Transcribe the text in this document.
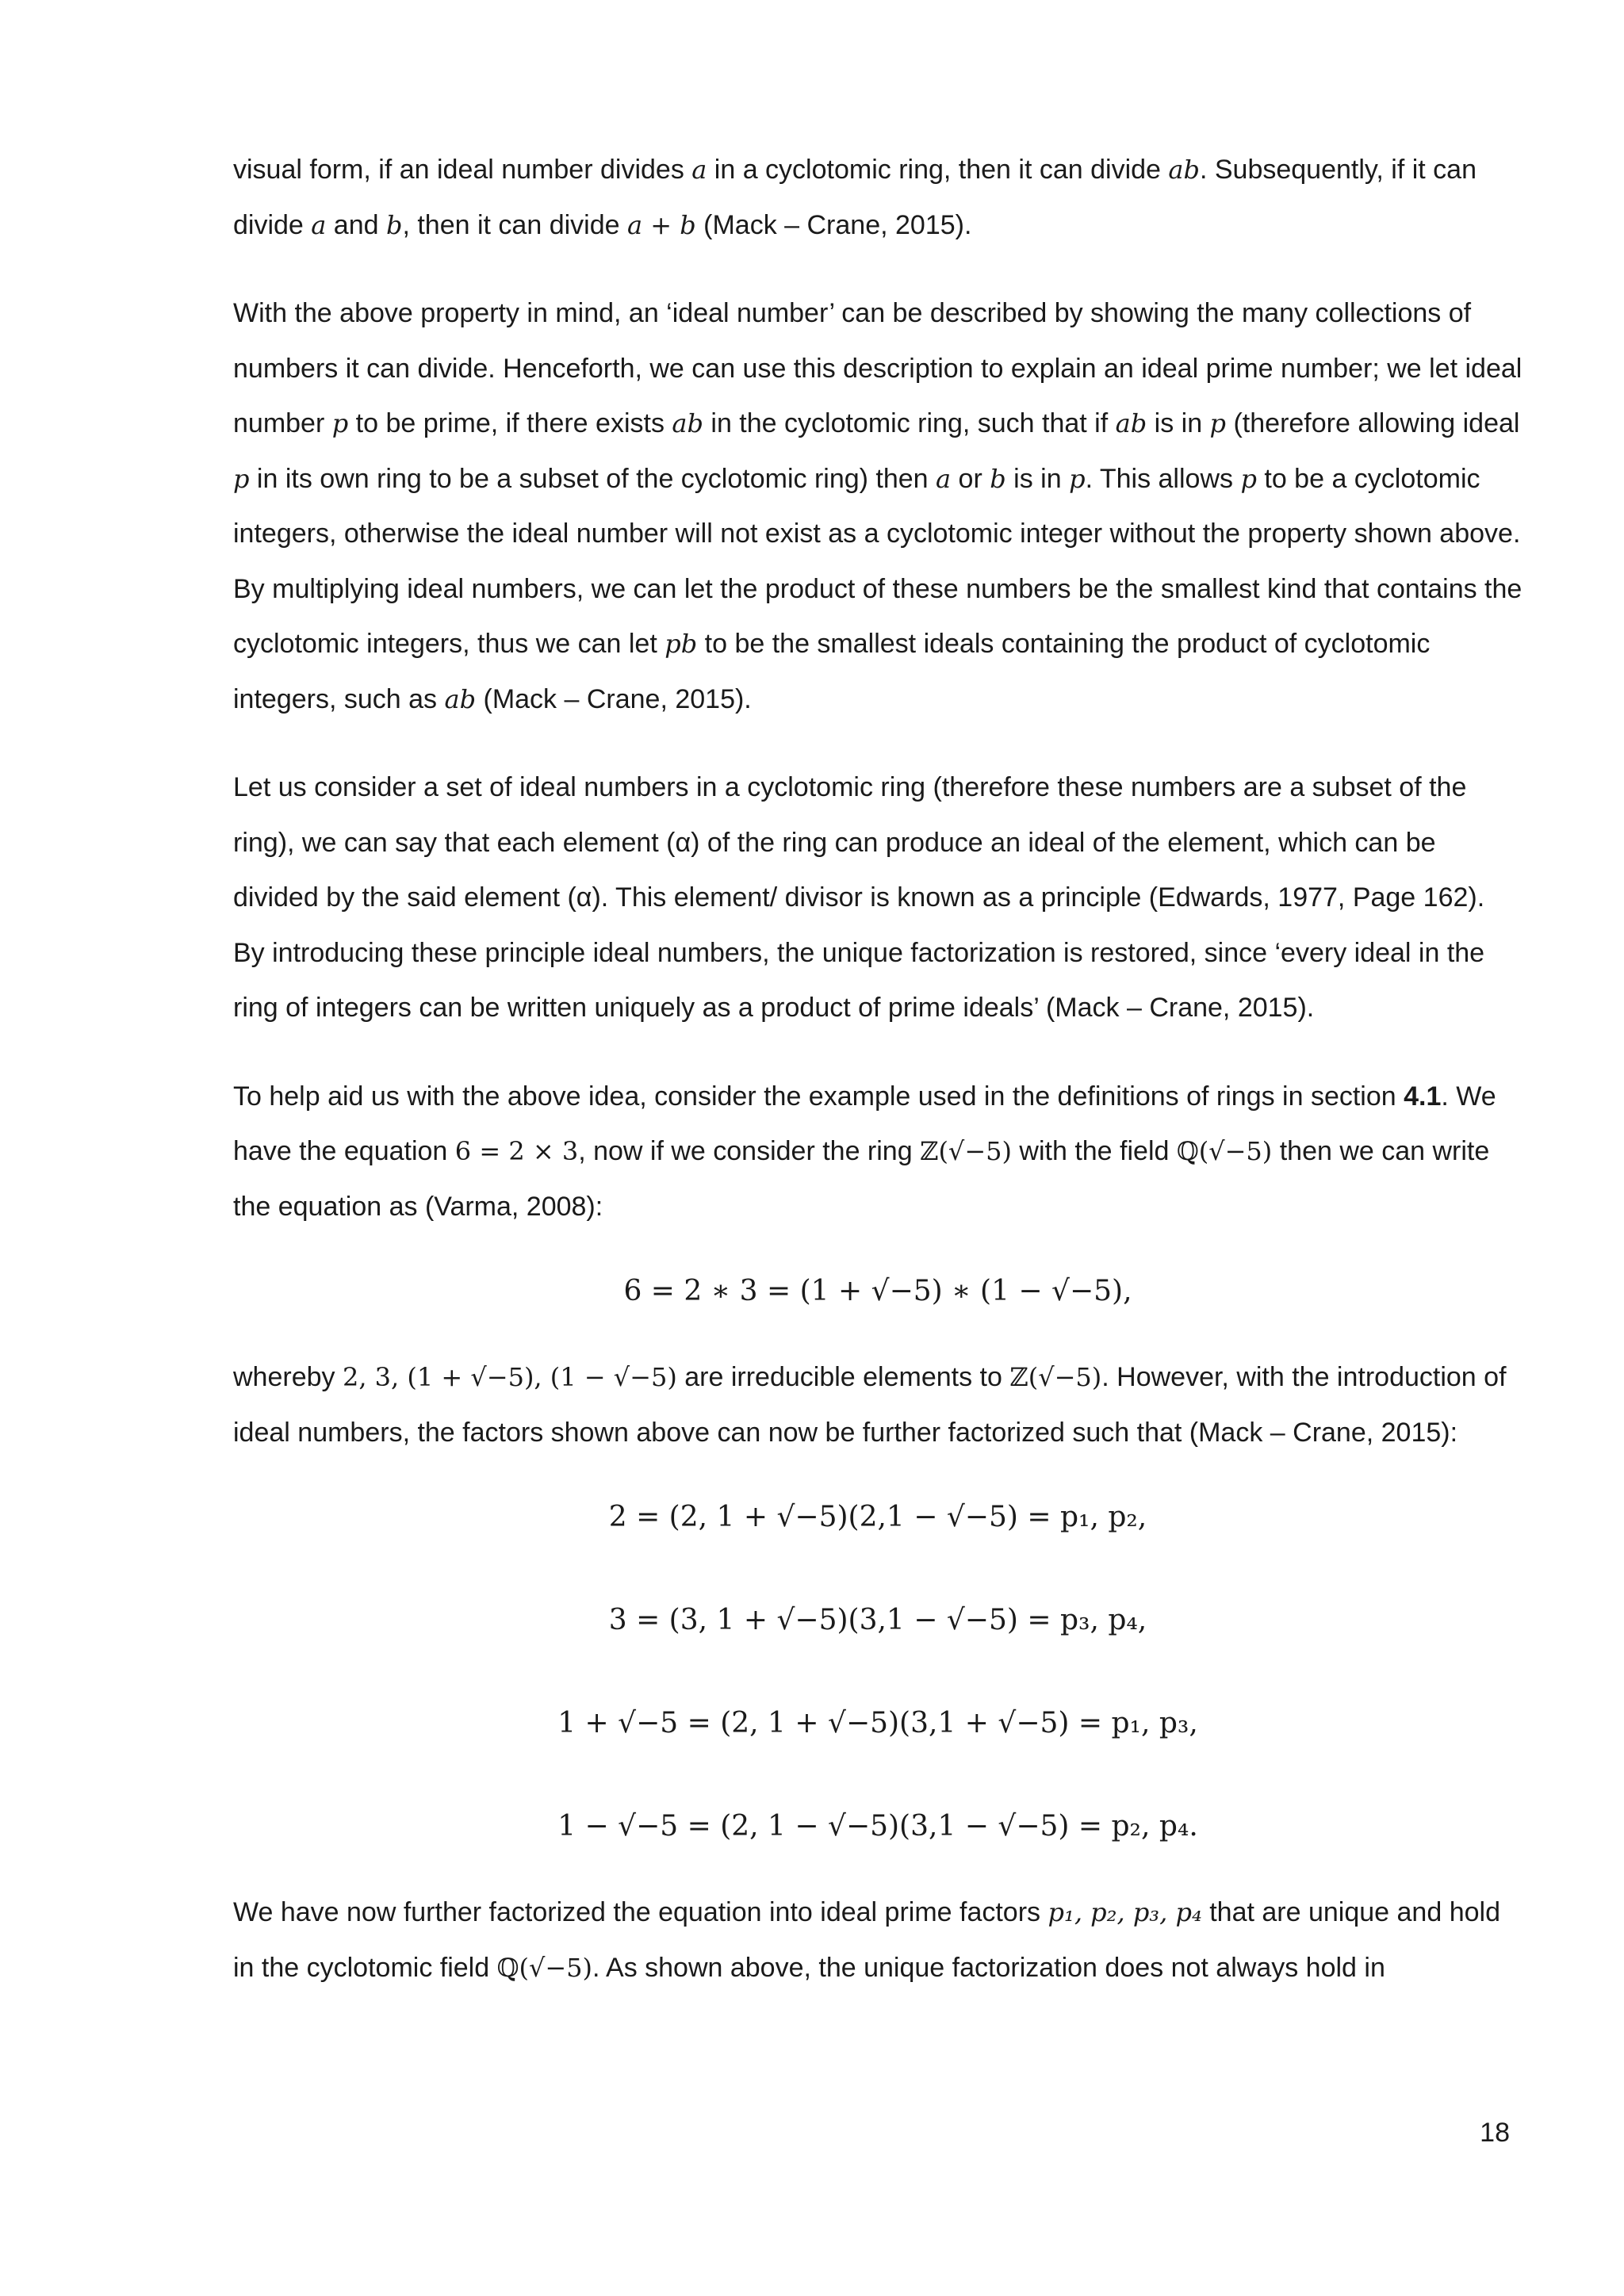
visual form, if an ideal number divides a in a cyclotomic ring, then it can divide ab. Subsequently, if it can divide a and b, then it can divide a + b (Mack – Crane, 2015).

With the above property in mind, an ‘ideal number’ can be described by showing the many collections of numbers it can divide. Henceforth, we can use this description to explain an ideal prime number; we let ideal number p to be prime, if there exists ab in the cyclotomic ring, such that if ab is in p (therefore allowing ideal p in its own ring to be a subset of the cyclotomic ring) then a or b is in p. This allows p to be a cyclotomic integers, otherwise the ideal number will not exist as a cyclotomic integer without the property shown above. By multiplying ideal numbers, we can let the product of these numbers be the smallest kind that contains the cyclotomic integers, thus we can let pb to be the smallest ideals containing the product of cyclotomic integers, such as ab (Mack – Crane, 2015).

Let us consider a set of ideal numbers in a cyclotomic ring (therefore these numbers are a subset of the ring), we can say that each element (α) of the ring can produce an ideal of the element, which can be divided by the said element (α). This element/ divisor is known as a principle (Edwards, 1977, Page 162). By introducing these principle ideal numbers, the unique factorization is restored, since ‘every ideal in the ring of integers can be written uniquely as a product of prime ideals’ (Mack – Crane, 2015).

To help aid us with the above idea, consider the example used in the definitions of rings in section 4.1. We have the equation 6 = 2 × 3, now if we consider the ring ℤ(√−5) with the field ℚ(√−5) then we can write the equation as (Varma, 2008):

6 = 2 ∗ 3 = (1 + √−5) ∗ (1 − √−5),

whereby 2, 3, (1 + √−5), (1 − √−5) are irreducible elements to ℤ(√−5). However, with the introduction of ideal numbers, the factors shown above can now be further factorized such that (Mack – Crane, 2015):

2 = (2, 1 + √−5)(2,1 − √−5) = p₁, p₂,
3 = (3, 1 + √−5)(3,1 − √−5) = p₃, p₄,
1 + √−5 = (2, 1 + √−5)(3,1 + √−5) = p₁, p₃,
1 − √−5 = (2, 1 − √−5)(3,1 − √−5) = p₂, p₄.

We have now further factorized the equation into ideal prime factors p₁, p₂, p₃, p₄ that are unique and hold in the cyclotomic field ℚ(√−5). As shown above, the unique factorization does not always hold in

18
